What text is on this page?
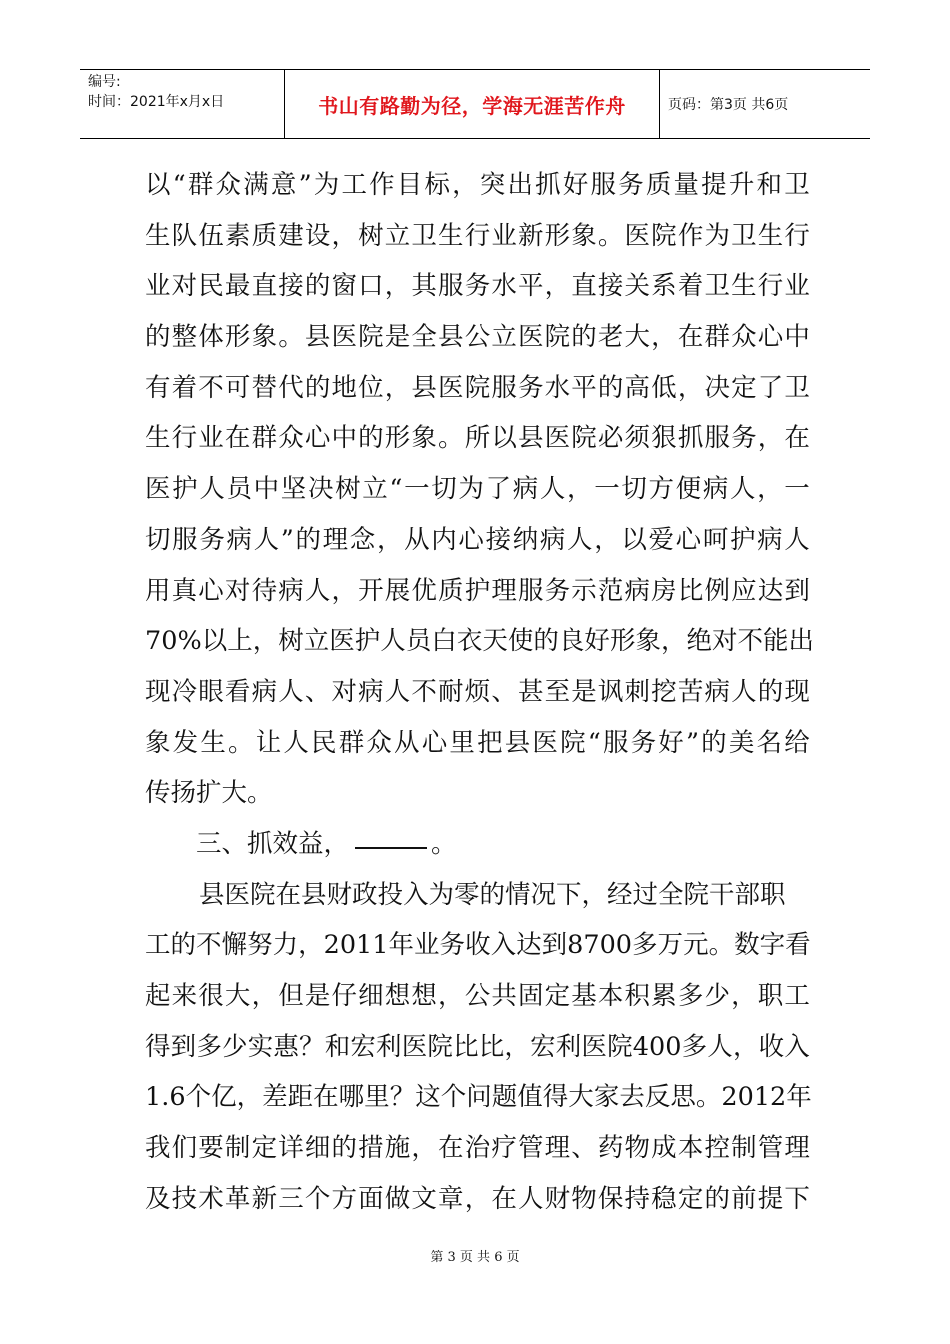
编号:
时间：2021年x月x日	书山有路勤为径，学海无涯苦作舟	页码：第3页 共6页
以 “ 群 众 满 意 ” 为 工 作 目 标 ， 突 出 抓 好 服 务 质 量 提 升 和 卫
生 队 伍 素 质 建 设 ， 树 立 卫 生 行 业 新 形 象 。 医 院 作 为 卫 生 行
业 对 民 最 直 接 的 窗 口 ， 其 服 务 水 平 ， 直 接 关 系 着 卫 生 行 业
的 整 体 形 象 。 县 医 院 是 全 县 公 立 医 院 的 老 大 ， 在 群 众 心 中
有 着 不 可 替 代 的 地 位 ， 县 医 院 服 务 水 平 的 高 低 ， 决 定 了 卫
生 行 业 在 群 众 心 中 的 形 象 。 所 以 县 医 院 必 须 狠 抓 服 务 ， 在
医 护 人 员 中 坚 决 树 立 “ 一 切 为 了 病 人 ， 一 切 方 便 病 人 ， 一
切 服 务 病 人 ” 的 理 念 ， 从 内 心 接 纳 病 人 ， 以 爱 心 呵 护 病 人
用 真 心 对 待 病 人 ， 开 展 优 质 护 理 服 务 示 范 病 房 比 例 应 达 到
70% 以 上 ， 树 立 医 护 人 员 白 衣 天 使 的 良 好 形 象 ， 绝 对 不 能 出
现 冷 眼 看 病 人 、 对 病 人 不 耐 烦 、 甚 至 是 讽 刺 挖 苦 病 人 的 现
象 发 生 。 让 人 民 群 众 从 心 里 把 县 医 院 “ 服 务 好 ” 的 美 名 给
传扬扩大。
三、抓效益，	。
县医院在县财政投入为零的情况下，经过全院干部职
工 的 不 懈 努 力 ， 2011 年 业 务 收 入 达 到 8700 多 万 元 。 数 字 看
起 来 很 大 ， 但 是 仔 细 想 想 ， 公 共 固 定 基 本 积 累 多 少 ， 职 工
得 到 多 少 实 惠 ？ 和 宏 利 医 院 比 比 ， 宏 利 医 院 400 多 人 ， 收 入
1.6 个 亿 ， 差 距 在 哪 里 ？ 这 个 问 题 值 得 大 家 去 反 思 。 2012 年
我 们 要 制 定 详 细 的 措 施 ， 在 治 疗 管 理 、 药 物 成 本 控 制 管 理
及 技 术 革 新 三 个 方 面 做 文 章 ， 在 人 财 物 保 持 稳 定 的 前 提 下
第 3 页 共 6 页
